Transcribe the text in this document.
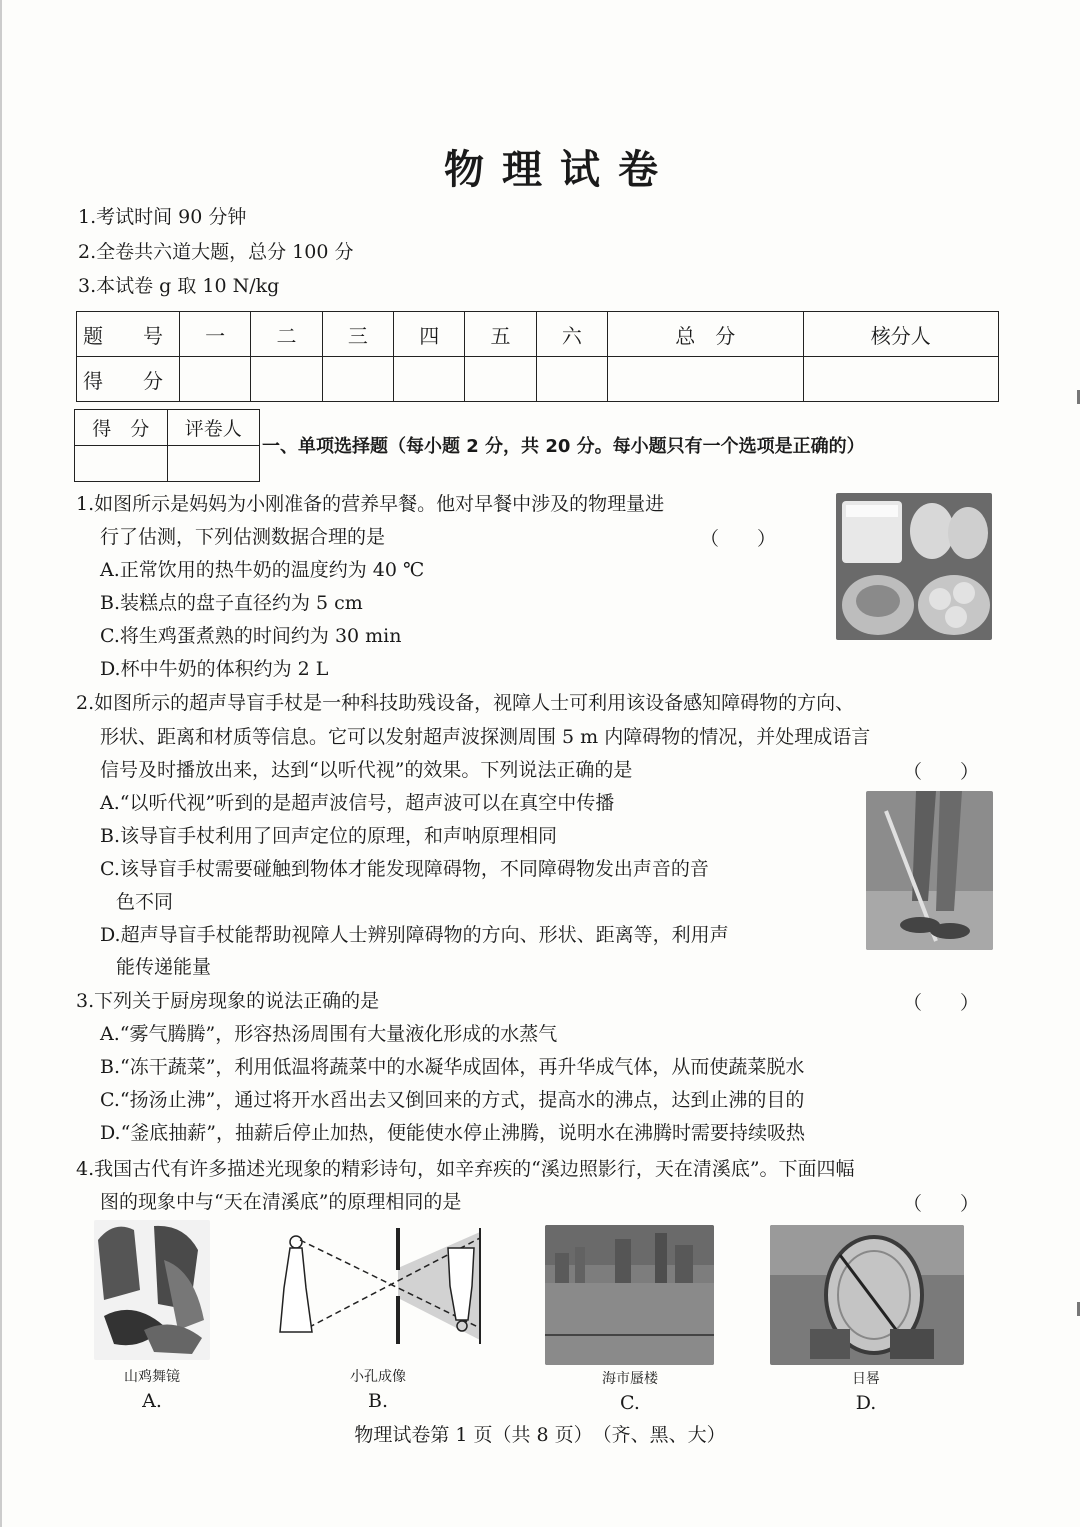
物理试卷
1.考试时间 90 分钟
2.全卷共六道大题，总分 100 分
3.本试卷 g 取 10 N/kg
题　号	一	二	三	四	五	六	总　分	核分人
得　分								
得　分	评卷人

一、单项选择题（每小题 2 分，共 20 分。每小题只有一个选项是正确的）
1.如图所示是妈妈为小刚准备的营养早餐。他对早餐中涉及的物理量进
行了估测，下列估测数据合理的是	（　　）
A.正常饮用的热牛奶的温度约为 40 ℃
B.装糕点的盘子直径约为 5 cm
C.将生鸡蛋煮熟的时间约为 30 min
D.杯中牛奶的体积约为 2 L
2.如图所示的超声导盲手杖是一种科技助残设备，视障人士可利用该设备感知障碍物的方向、
形状、距离和材质等信息。它可以发射超声波探测周围 5 m 内障碍物的情况，并处理成语言
信号及时播放出来，达到“以听代视”的效果。下列说法正确的是	（　　）
A.“以听代视”听到的是超声波信号，超声波可以在真空中传播
B.该导盲手杖利用了回声定位的原理，和声呐原理相同
C.该导盲手杖需要碰触到物体才能发现障碍物，不同障碍物发出声音的音
色不同
D.超声导盲手杖能帮助视障人士辨别障碍物的方向、形状、距离等，利用声
能传递能量
3.下列关于厨房现象的说法正确的是	（　　）
A.“雾气腾腾”，形容热汤周围有大量液化形成的水蒸气
B.“冻干蔬菜”，利用低温将蔬菜中的水凝华成固体，再升华成气体，从而使蔬菜脱水
C.“扬汤止沸”，通过将开水舀出去又倒回来的方式，提高水的沸点，达到止沸的目的
D.“釜底抽薪”，抽薪后停止加热，便能使水停止沸腾，说明水在沸腾时需要持续吸热
4.我国古代有许多描述光现象的精彩诗句，如辛弃疾的“溪边照影行，天在清溪底”。下面四幅
图的现象中与“天在清溪底”的原理相同的是	（　　）
山鸡舞镜
A.
小孔成像
B.
海市蜃楼
C.
日晷
D.
物理试卷第 1 页（共 8 页）　（齐、黑、大）
